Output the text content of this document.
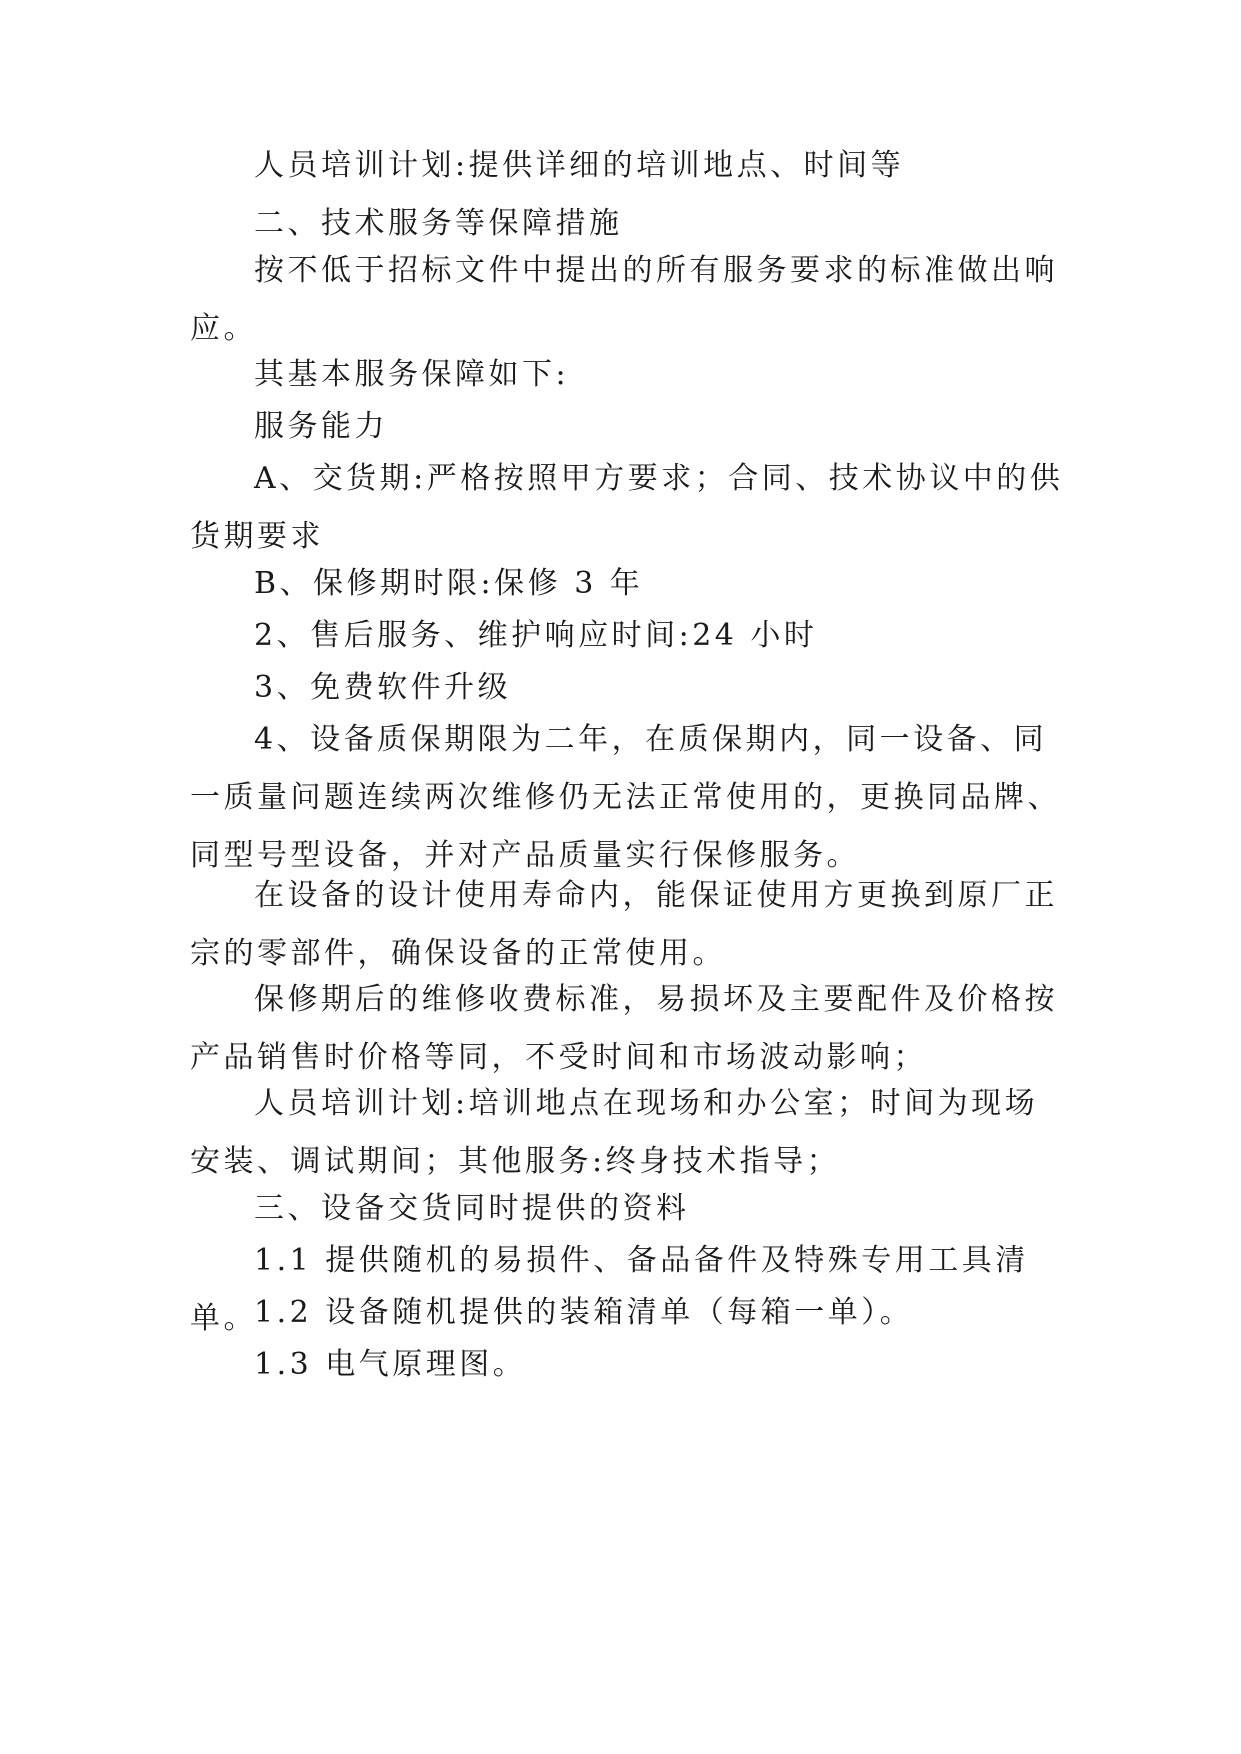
人员培训计划:提供详细的培训地点、时间等

二、技术服务等保障措施

按不低于招标文件中提出的所有服务要求的标准做出响应。

其基本服务保障如下:

服务能力

A、交货期:严格按照甲方要求；合同、技术协议中的供货期要求

B、保修期时限:保修 3 年

2、售后服务、维护响应时间:24 小时

3、免费软件升级

4、设备质保期限为二年，在质保期内，同一设备、同一质量问题连续两次维修仍无法正常使用的，更换同品牌、同型号型设备，并对产品质量实行保修服务。

在设备的设计使用寿命内，能保证使用方更换到原厂正宗的零部件，确保设备的正常使用。

保修期后的维修收费标准，易损坏及主要配件及价格按产品销售时价格等同，不受时间和市场波动影响；

人员培训计划:培训地点在现场和办公室；时间为现场安装、调试期间；其他服务:终身技术指导；

三、设备交货同时提供的资料

1.1 提供随机的易损件、备品备件及特殊专用工具清单。

1.2 设备随机提供的装箱清单（每箱一单）。

1.3 电气原理图。
